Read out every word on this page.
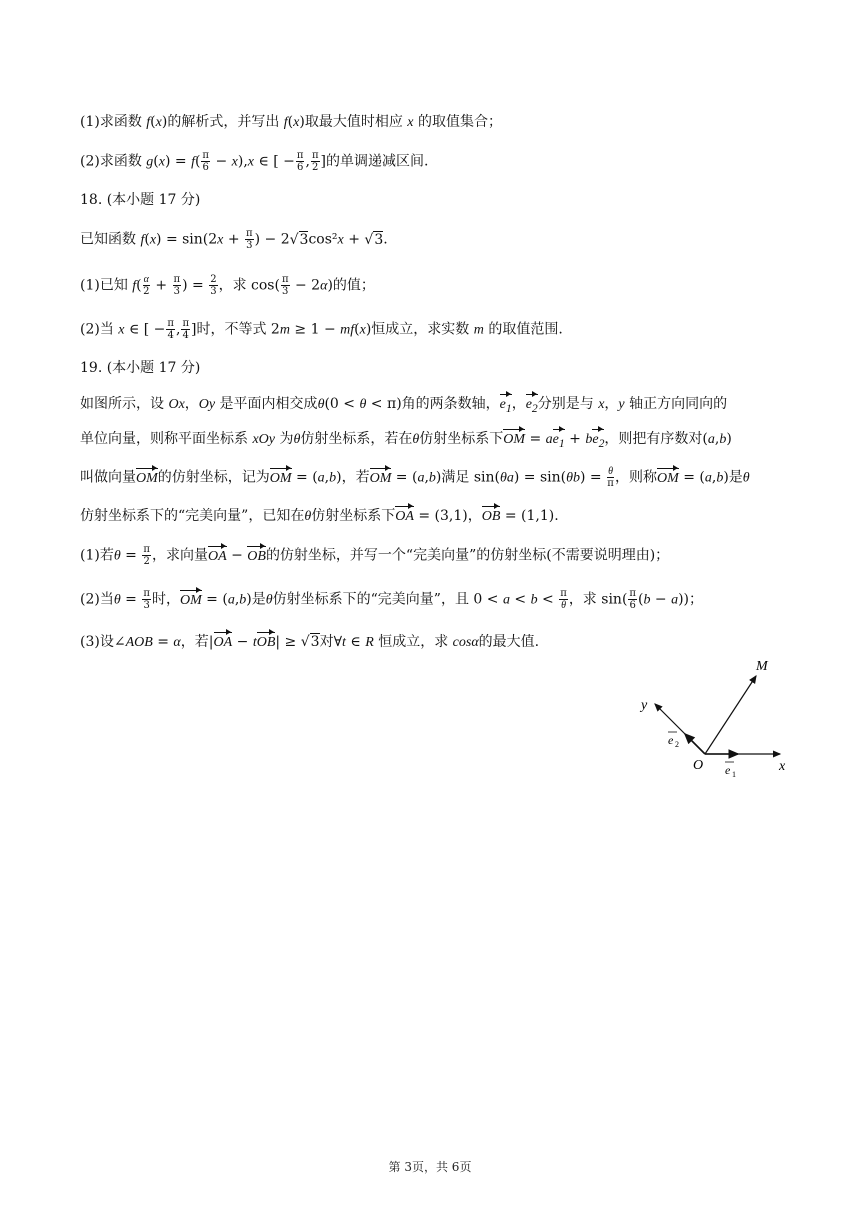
(1)求函数 f(x)的解析式，并写出 f(x)取最大值时相应 x 的取值集合；
(2)求函数 $g(x) = f( \frac{\pi}{6} - x),x$ ∈ [ − $\frac{\pi}{6}$ , $\frac{\pi}{2}$ ]的单调递减区间.
18. (本小题 17 分)
已知函数 $f(x) = \sin(2x + \frac{\pi}{3}$ ) − 2√3cos²x + √3.
(1)已知 $f( \frac{\alpha}{2} + \frac{\pi}{3}$ ) = $\frac{2}{3}$ ，求 $\cos( \frac{\pi}{3} - 2\alpha)$的值；
(2)当 x ∈ [ − $\frac{\pi}{4}$ , $\frac{\pi}{4}$ ]时，不等式 2m ≥ 1 − mf(x)恒成立，求实数 m 的取值范围.
19. (本小题 17 分)
如图所示，设 Ox，Oy 是平面内相交成θ(0 < θ < π)角的两条数轴，$e_1$，$e_2$分别是与 x，y 轴正方向同向的
单位向量，则称平面坐标系 xOy 为θ仿射坐标系，若在θ仿射坐标系下OM = $ae_1 + be_2$，则把有序数对(a,b)
叫做向量OM的仿射坐标，记为OM = (a,b)，若OM = (a,b)满足 $\sin(\theta a) = \sin(\theta b) = \frac{\theta}{\pi}$ ，则称OM = (a,b)是θ
仿射坐标系下的“完美向量”，已知在θ仿射坐标系下OA = (3,1)，OB = (1,1).
(1)若$\theta = \frac{\pi}{2}$ ，求向量OA − OB的仿射坐标，并写一个“完美向量”的仿射坐标(不需要说明理由)；
(2)当$\theta = \frac{\pi}{3}$ 时，OM = (a,b)是θ仿射坐标系下的“完美向量”，且 $0 < a < b < \frac{\pi}{\theta}$ ，求 $\sin( \frac{\pi}{6} (b - a))$；
(3)设∠AOB = α，若|OA − tOB| ≥ √3对∀t ∈ R 恒成立，求 cosα的最大值.
M
y
O	x
e 2
e 1
第 3页，共 6页
